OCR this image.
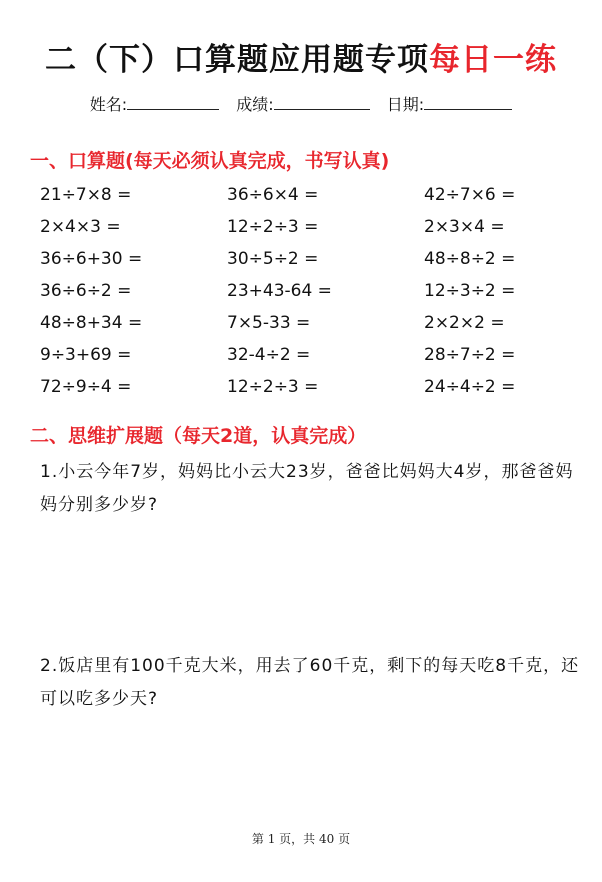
二（下）口算题应用题专项每日一练
姓名:	成绩:	日期:
一、口算题(每天必须认真完成，书写认真)
21÷7×8 =	36÷6×4 =	42÷7×6 =
2×4×3 =	12÷2÷3 =	2×3×4 =
36÷6+30 =	30÷5÷2 =	48÷8÷2 =
36÷6÷2 =	23+43-64 =	12÷3÷2 =
48÷8+34 =	7×5-33 =	2×2×2 =
9÷3+69 =	32-4÷2 =	28÷7÷2 =
72÷9÷4 =	12÷2÷3 =	24÷4÷2 =
二、思维扩展题（每天2道，认真完成）
1.小云今年7岁，妈妈比小云大23岁，爸爸比妈妈大4岁，那爸爸妈妈分别多少岁?
2.饭店里有100千克大米，用去了60千克，剩下的每天吃8千克，还可以吃多少天?
第 1 页，共 40 页
